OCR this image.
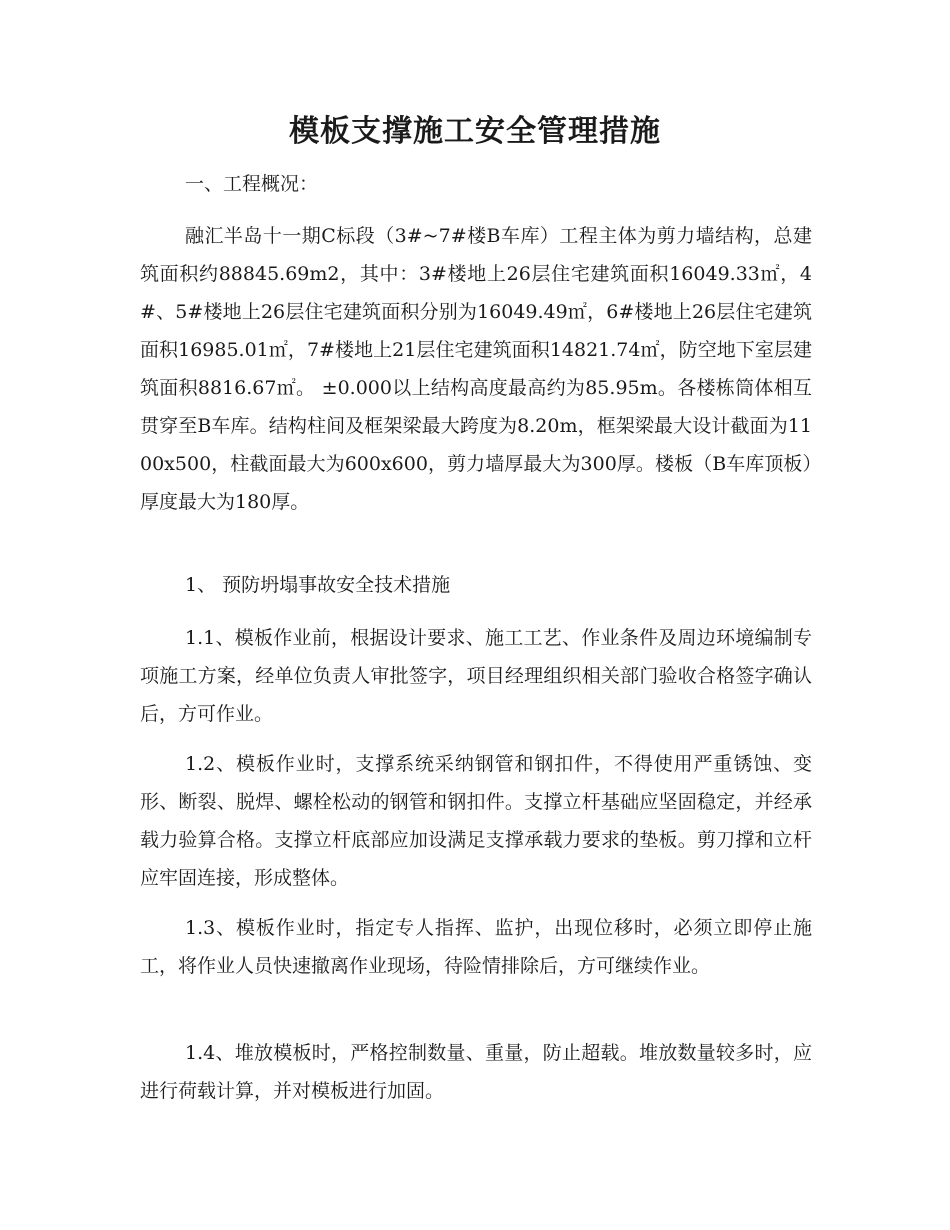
模板支撑施工安全管理措施

一、工程概况：

融汇半岛十一期C标段（3#~7#楼B车库）工程主体为剪力墙结构，总建筑面积约88845.69m2，其中：3#楼地上26层住宅建筑面积16049.33㎡，4#、5#楼地上26层住宅建筑面积分别为16049.49㎡，6#楼地上26层住宅建筑面积16985.01㎡，7#楼地上21层住宅建筑面积14821.74㎡，防空地下室层建筑面积8816.67㎡。 ±0.000以上结构高度最高约为85.95m。各楼栋筒体相互贯穿至B车库。结构柱间及框架梁最大跨度为8.20m，框架梁最大设计截面为1100x500，柱截面最大为600x600，剪力墙厚最大为300厚。楼板（B车库顶板）厚度最大为180厚。

1、 预防坍塌事故安全技术措施

1.1、模板作业前，根据设计要求、施工工艺、作业条件及周边环境编制专项施工方案，经单位负责人审批签字，项目经理组织相关部门验收合格签字确认后，方可作业。

1.2、模板作业时，支撑系统采纳钢管和钢扣件，不得使用严重锈蚀、变形、断裂、脱焊、螺栓松动的钢管和钢扣件。支撑立杆基础应坚固稳定，并经承载力验算合格。支撑立杆底部应加设满足支撑承载力要求的垫板。剪刀撑和立杆应牢固连接，形成整体。

1.3、模板作业时，指定专人指挥、监护，出现位移时，必须立即停止施工，将作业人员快速撤离作业现场，待险情排除后，方可继续作业。

1.4、堆放模板时，严格控制数量、重量，防止超载。堆放数量较多时，应进行荷载计算，并对模板进行加固。
